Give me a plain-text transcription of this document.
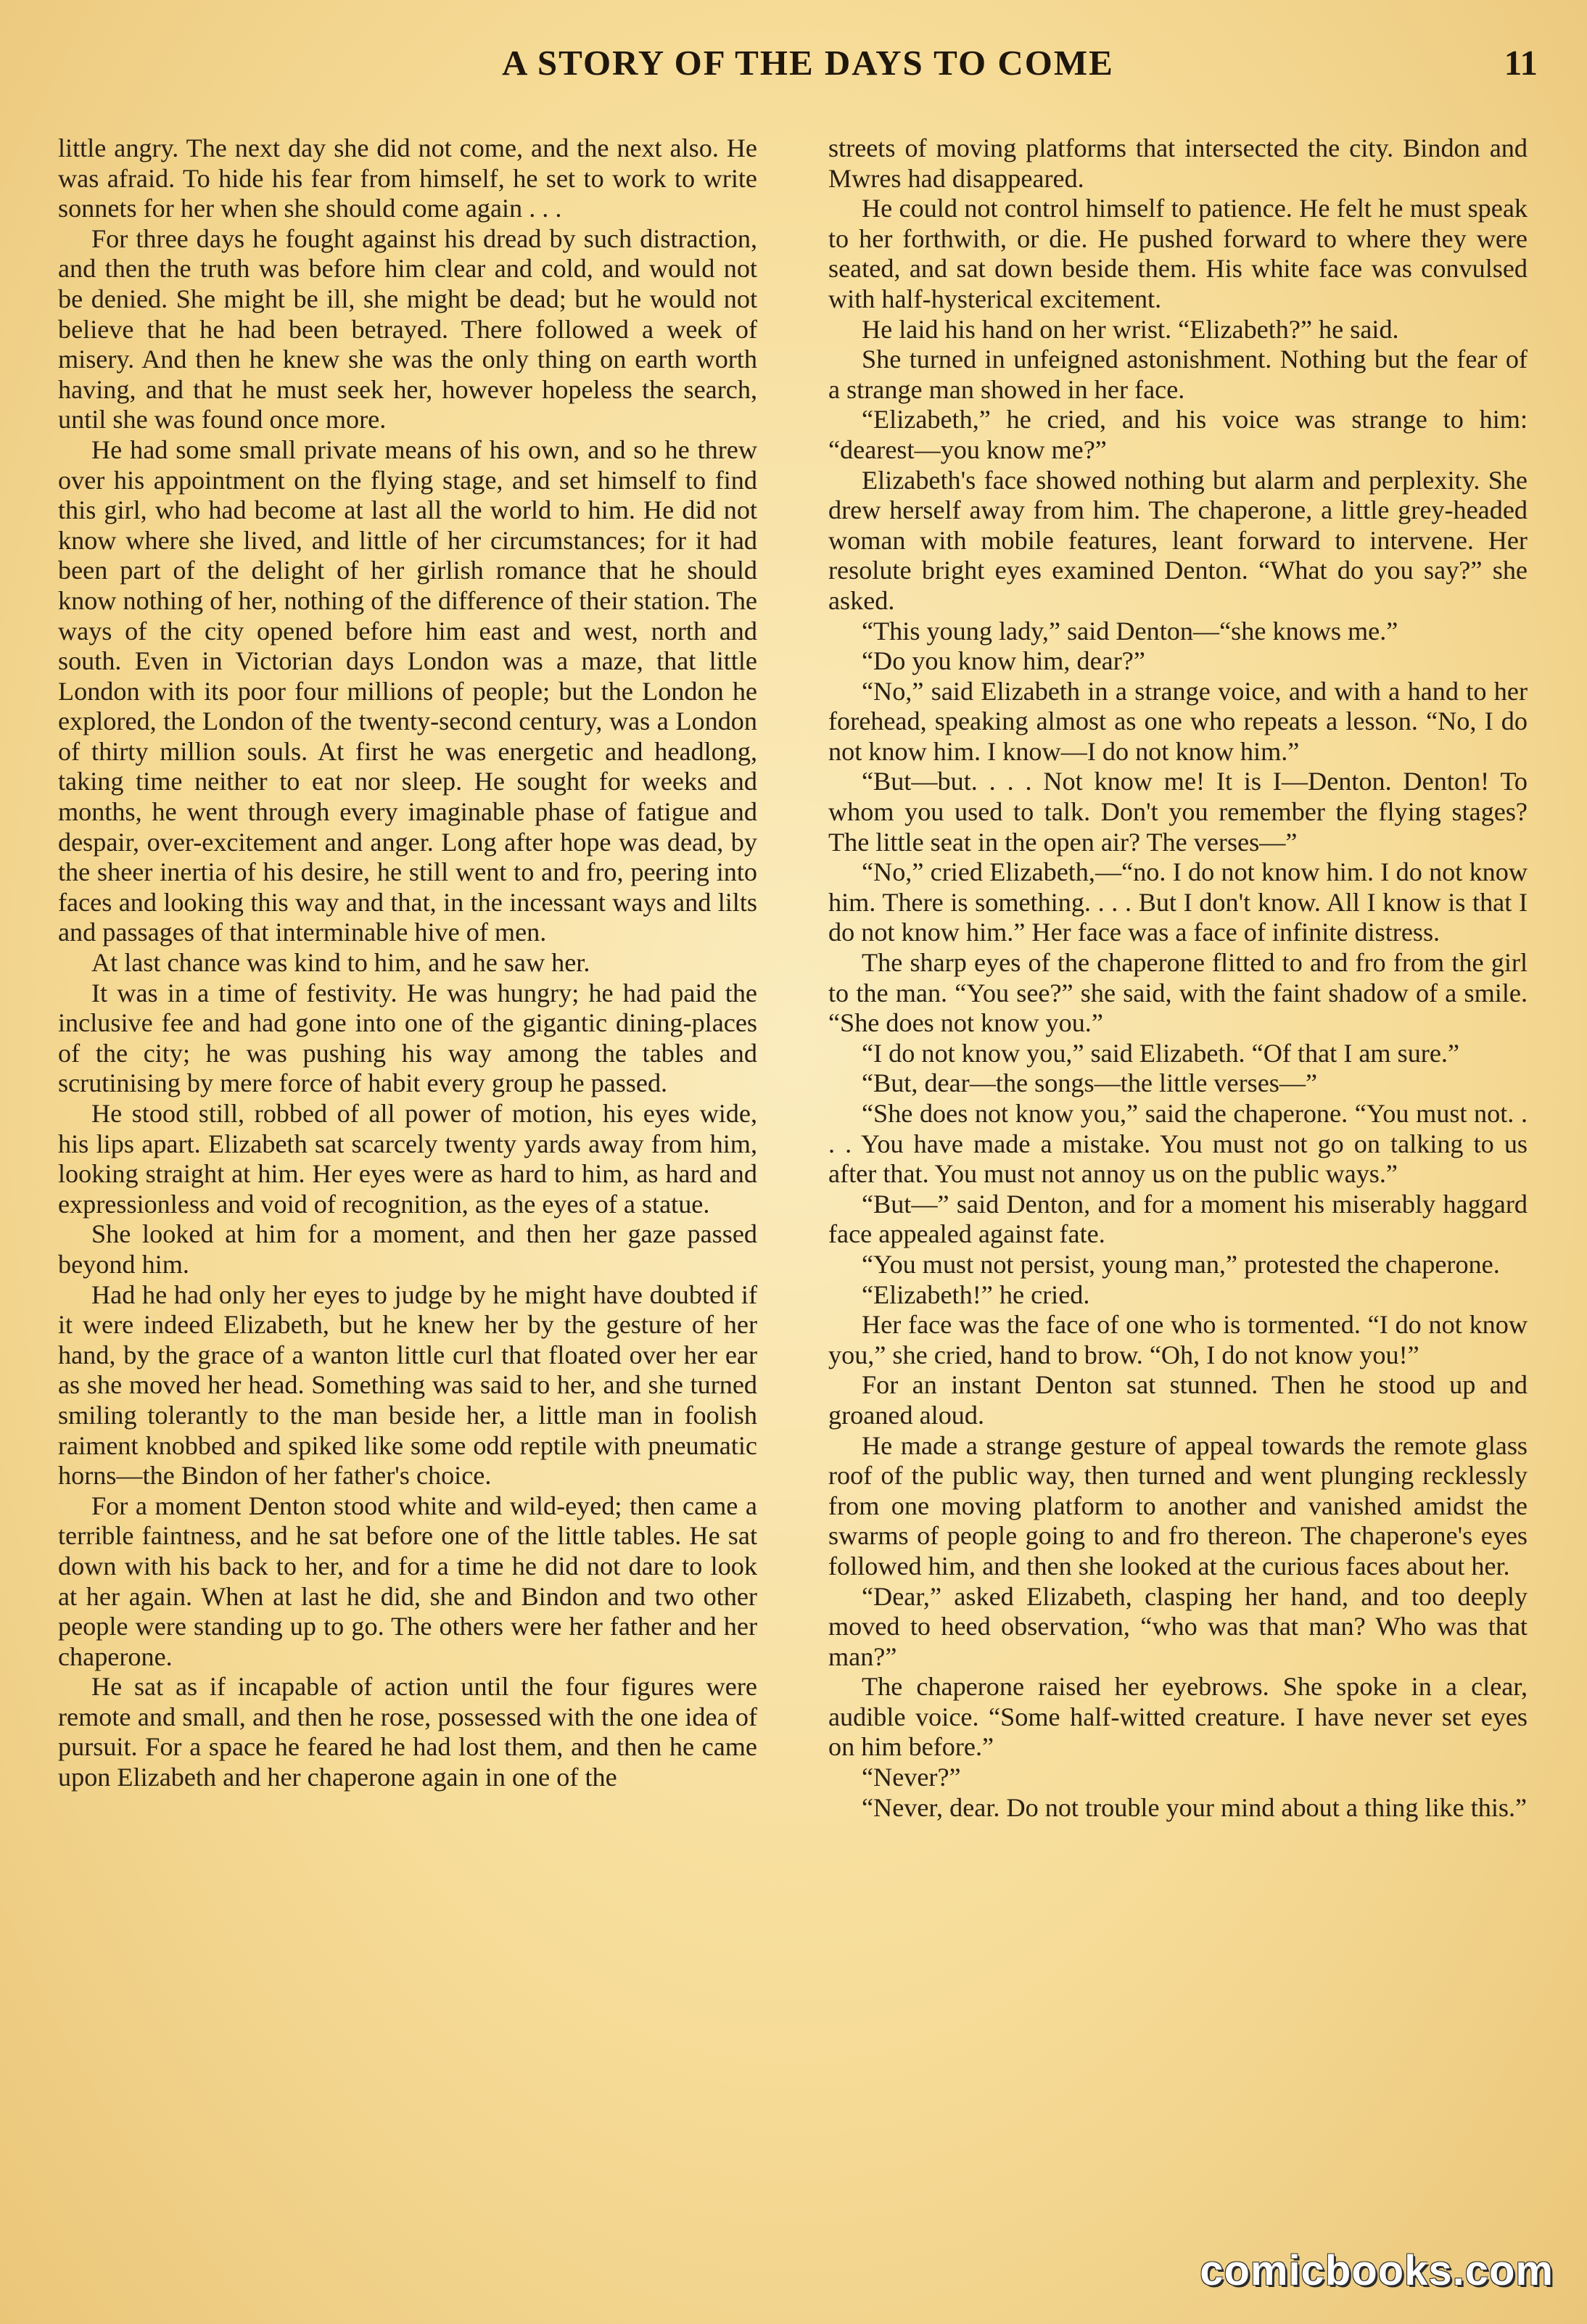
A STORY OF THE DAYS TO COME	11

little angry. The next day she did not come, and the next also. He was afraid. To hide his fear from himself, he set to work to write sonnets for her when she should come again . . .

For three days he fought against his dread by such distraction, and then the truth was before him clear and cold, and would not be denied. She might be ill, she might be dead; but he would not believe that he had been betrayed. There followed a week of misery. And then he knew she was the only thing on earth worth having, and that he must seek her, however hopeless the search, until she was found once more.

He had some small private means of his own, and so he threw over his appointment on the flying stage, and set himself to find this girl, who had become at last all the world to him. He did not know where she lived, and little of her circumstances; for it had been part of the delight of her girlish romance that he should know nothing of her, nothing of the difference of their station. The ways of the city opened before him east and west, north and south. Even in Victorian days London was a maze, that little London with its poor four millions of people; but the London he explored, the London of the twenty-second century, was a London of thirty million souls. At first he was energetic and headlong, taking time neither to eat nor sleep. He sought for weeks and months, he went through every imaginable phase of fatigue and despair, over-excitement and anger. Long after hope was dead, by the sheer inertia of his desire, he still went to and fro, peering into faces and looking this way and that, in the incessant ways and lilts and passages of that interminable hive of men.

At last chance was kind to him, and he saw her.

It was in a time of festivity. He was hungry; he had paid the inclusive fee and had gone into one of the gigantic dining-places of the city; he was pushing his way among the tables and scrutinising by mere force of habit every group he passed.

He stood still, robbed of all power of motion, his eyes wide, his lips apart. Elizabeth sat scarcely twenty yards away from him, looking straight at him. Her eyes were as hard to him, as hard and expressionless and void of recognition, as the eyes of a statue.

She looked at him for a moment, and then her gaze passed beyond him.

Had he had only her eyes to judge by he might have doubted if it were indeed Elizabeth, but he knew her by the gesture of her hand, by the grace of a wanton little curl that floated over her ear as she moved her head. Something was said to her, and she turned smiling tolerantly to the man beside her, a little man in foolish raiment knobbed and spiked like some odd reptile with pneumatic horns—the Bindon of her father's choice.

For a moment Denton stood white and wild-eyed; then came a terrible faintness, and he sat before one of the little tables. He sat down with his back to her, and for a time he did not dare to look at her again. When at last he did, she and Bindon and two other people were standing up to go. The others were her father and her chaperone.

He sat as if incapable of action until the four figures were remote and small, and then he rose, possessed with the one idea of pursuit. For a space he feared he had lost them, and then he came upon Elizabeth and her chaperone again in one of the

streets of moving platforms that intersected the city. Bindon and Mwres had disappeared.

He could not control himself to patience. He felt he must speak to her forthwith, or die. He pushed forward to where they were seated, and sat down beside them. His white face was convulsed with half-hysterical excitement.

He laid his hand on her wrist. “Elizabeth?” he said.

She turned in unfeigned astonishment. Nothing but the fear of a strange man showed in her face.

“Elizabeth,” he cried, and his voice was strange to him: “dearest—you know me?”

Elizabeth's face showed nothing but alarm and perplexity. She drew herself away from him. The chaperone, a little grey-headed woman with mobile features, leant forward to intervene. Her resolute bright eyes examined Denton. “What do you say?” she asked.

“This young lady,” said Denton—“she knows me.”

“Do you know him, dear?”

“No,” said Elizabeth in a strange voice, and with a hand to her forehead, speaking almost as one who repeats a lesson. “No, I do not know him. I know—I do not know him.”

“But—but. . . . Not know me! It is I—Denton. Denton! To whom you used to talk. Don't you remember the flying stages? The little seat in the open air? The verses—”

“No,” cried Elizabeth,—“no. I do not know him. I do not know him. There is something. . . . But I don't know. All I know is that I do not know him.” Her face was a face of infinite distress.

The sharp eyes of the chaperone flitted to and fro from the girl to the man. “You see?” she said, with the faint shadow of a smile. “She does not know you.”

“I do not know you,” said Elizabeth. “Of that I am sure.”

“But, dear—the songs—the little verses—”

“She does not know you,” said the chaperone. “You must not. . . . You have made a mistake. You must not go on talking to us after that. You must not annoy us on the public ways.”

“But—” said Denton, and for a moment his miserably haggard face appealed against fate.

“You must not persist, young man,” protested the chaperone.

“Elizabeth!” he cried.

Her face was the face of one who is tormented. “I do not know you,” she cried, hand to brow. “Oh, I do not know you!”

For an instant Denton sat stunned. Then he stood up and groaned aloud.

He made a strange gesture of appeal towards the remote glass roof of the public way, then turned and went plunging recklessly from one moving platform to another and vanished amidst the swarms of people going to and fro thereon. The chaperone's eyes followed him, and then she looked at the curious faces about her.

“Dear,” asked Elizabeth, clasping her hand, and too deeply moved to heed observation, “who was that man? Who was that man?”

The chaperone raised her eyebrows. She spoke in a clear, audible voice. “Some half-witted creature. I have never set eyes on him before.”

“Never?”

“Never, dear. Do not trouble your mind about a thing like this.”

comicbooks.com
